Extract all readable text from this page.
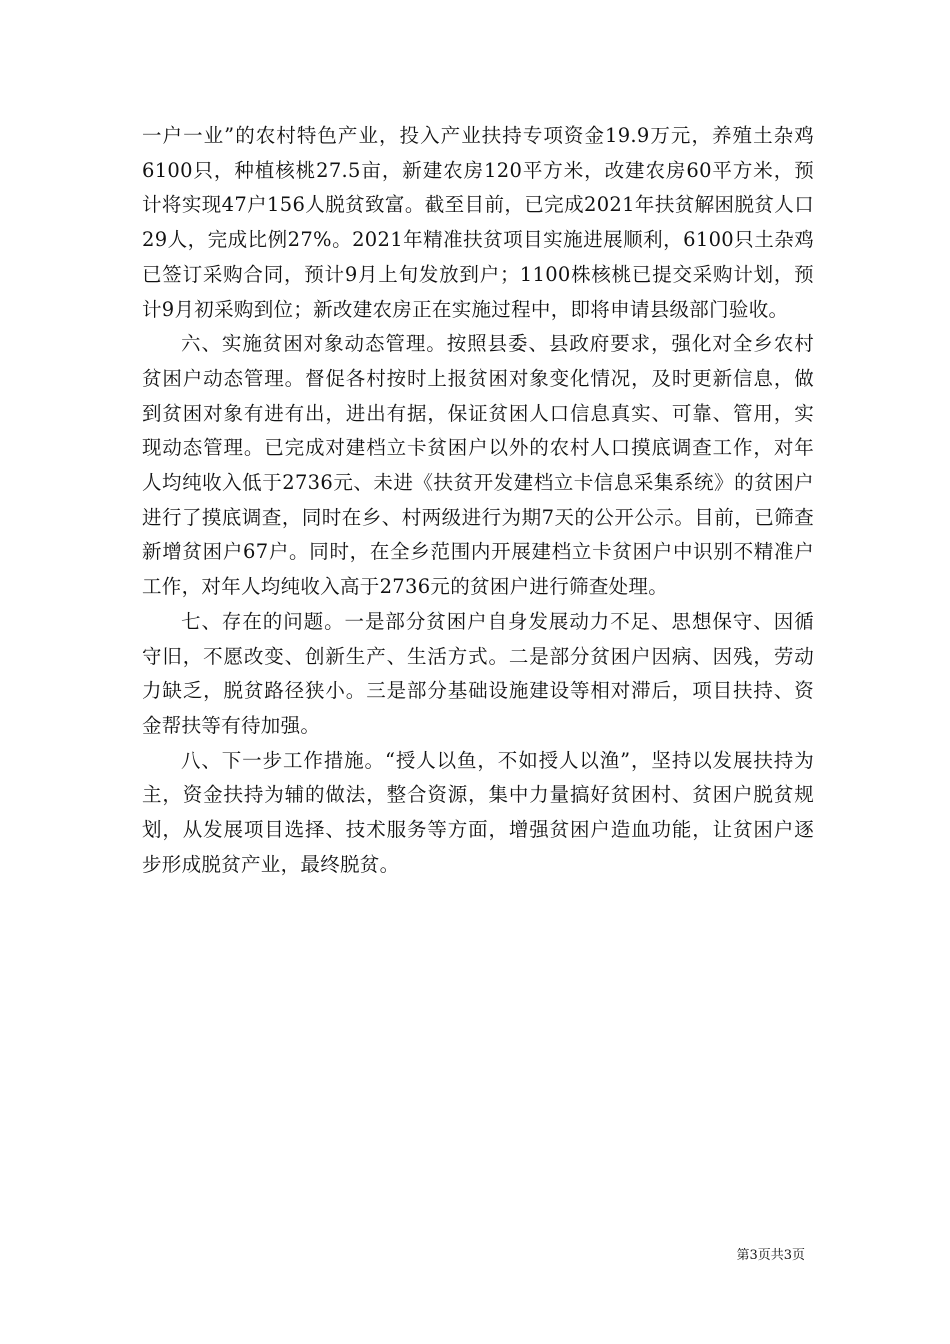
一户一业”的农村特色产业，投入产业扶持专项资金19.9万元，养殖土杂鸡6100只，种植核桃27.5亩，新建农房120平方米，改建农房60平方米，预计将实现47户156人脱贫致富。截至目前，已完成2021年扶贫解困脱贫人口29人，完成比例27%。2021年精准扶贫项目实施进展顺利，6100只土杂鸡已签订采购合同，预计9月上旬发放到户；1100株核桃已提交采购计划，预计9月初采购到位；新改建农房正在实施过程中，即将申请县级部门验收。

六、实施贫困对象动态管理。按照县委、县政府要求，强化对全乡农村贫困户动态管理。督促各村按时上报贫困对象变化情况，及时更新信息，做到贫困对象有进有出，进出有据，保证贫困人口信息真实、可靠、管用，实现动态管理。已完成对建档立卡贫困户以外的农村人口摸底调查工作，对年人均纯收入低于2736元、未进《扶贫开发建档立卡信息采集系统》的贫困户进行了摸底调查，同时在乡、村两级进行为期7天的公开公示。目前，已筛查新增贫困户67户。同时，在全乡范围内开展建档立卡贫困户中识别不精准户工作，对年人均纯收入高于2736元的贫困户进行筛查处理。

七、存在的问题。一是部分贫困户自身发展动力不足、思想保守、因循守旧，不愿改变、创新生产、生活方式。二是部分贫困户因病、因残，劳动力缺乏，脱贫路径狭小。三是部分基础设施建设等相对滞后，项目扶持、资金帮扶等有待加强。

八、下一步工作措施。“授人以鱼，不如授人以渔”，坚持以发展扶持为主，资金扶持为辅的做法，整合资源，集中力量搞好贫困村、贫困户脱贫规划，从发展项目选择、技术服务等方面，增强贫困户造血功能，让贫困户逐步形成脱贫产业，最终脱贫。

第3页共3页
